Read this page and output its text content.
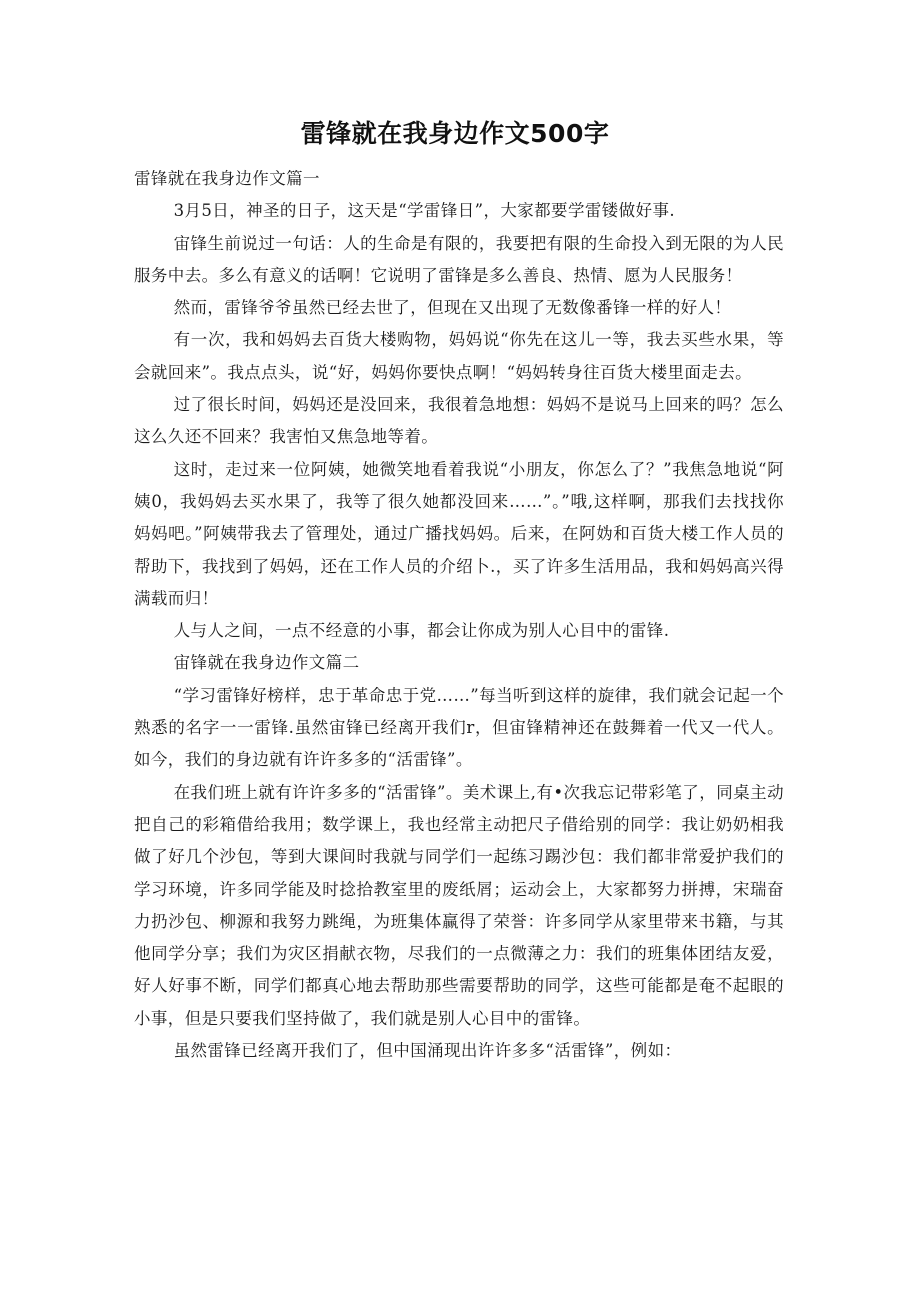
雷锋就在我身边作文500字

雷锋就在我身边作文篇一

3月5日，神圣的日子，这天是“学雷锋日”，大家都要学雷镂做好事.

宙锋生前说过一句话：人的生命是有限的，我要把有限的生命投入到无限的为人民服务中去。多么有意义的话啊！它说明了雷锋是多么善良、热情、愿为人民服务！

然而，雷锋爷爷虽然已经去世了，但现在又出现了无数像番锋一样的好人！

有一次，我和妈妈去百货大楼购物，妈妈说“你先在这儿一等，我去买些水果，等会就回来”。我点点头，说“好，妈妈你要快点啊！“妈妈转身往百货大楼里面走去。

过了很长时间，妈妈还是没回来，我很着急地想：妈妈不是说马上回来的吗？怎么这么久还不回来？我害怕又焦急地等着。

这时，走过来一位阿姨，她微笑地看着我说“小朋友，你怎么了？”我焦急地说“阿姨0，我妈妈去买水果了，我等了很久她都没回来……”。”哦,这样啊，那我们去找找你妈妈吧。”阿姨带我去了管理处，通过广播找妈妈。后来，在阿妫和百货大楼工作人员的帮助下，我找到了妈妈，还在工作人员的介绍卜.，买了许多生活用品，我和妈妈高兴得满载而归！

人与人之间，一点不经意的小事，都会让你成为别人心目中的雷锋.

宙锋就在我身边作文篇二

“学习雷锋好榜样，忠于革命忠于党……”每当听到这样的旋律，我们就会记起一个熟悉的名字一一雷锋.虽然宙锋已经离开我们r，但宙锋精神还在鼓舞着一代又一代人。如今，我们的身边就有许许多多的“活雷锋”。

在我们班上就有许许多多的“活雷锋”。美术课上,有•次我忘记带彩笔了，同桌主动把自己的彩箱借给我用；数学课上，我也经常主动把尺子借给别的同学：我让奶奶相我做了好几个沙包，等到大课间时我就与同学们一起练习踢沙包：我们都非常爱护我们的学习环境，许多同学能及时捻拾教室里的废纸屑；运动会上，大家都努力拼搏，宋瑞奋力扔沙包、柳源和我努力跳绳，为班集体赢得了荣誉：许多同学从家里带来书籍，与其他同学分享；我们为灾区捐献衣物，尽我们的一点微薄之力：我们的班集体团结友爱，好人好事不断，同学们都真心地去帮助那些需要帮助的同学，这些可能都是奄不起眼的小事，但是只要我们坚持做了，我们就是别人心目中的雷锋。

虽然雷锋已经离开我们了，但中国涌现出许许多多“活雷锋”，例如：
